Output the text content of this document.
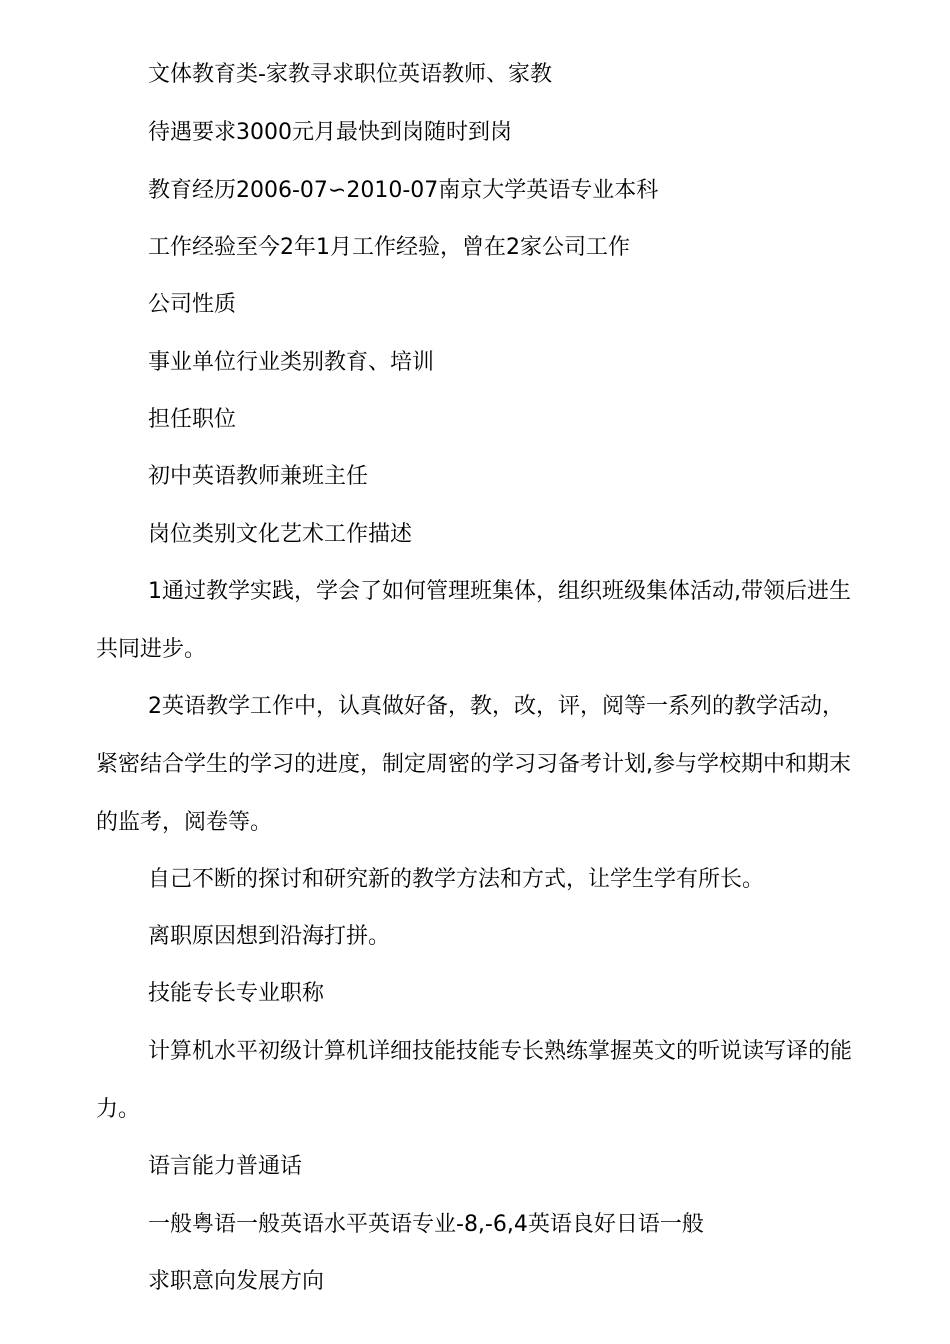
文体教育类-家教寻求职位英语教师、家教

待遇要求3000元月最快到岗随时到岗

教育经历2006-07∽2010-07南京大学英语专业本科

工作经验至今2年1月工作经验，曾在2家公司工作

公司性质

事业单位行业类别教育、培训

担任职位

初中英语教师兼班主任

岗位类别文化艺术工作描述

1通过教学实践，学会了如何管理班集体，组织班级集体活动,带领后进生共同进步。

2英语教学工作中，认真做好备，教，改，评，阅等一系列的教学活动，紧密结合学生的学习的进度，制定周密的学习习备考计划,参与学校期中和期末的监考，阅卷等。

自己不断的探讨和研究新的教学方法和方式，让学生学有所长。

离职原因想到沿海打拼。

技能专长专业职称

计算机水平初级计算机详细技能技能专长熟练掌握英文的听说读写译的能力。

语言能力普通话

一般粤语一般英语水平英语专业-8,-6,4英语良好日语一般

求职意向发展方向
